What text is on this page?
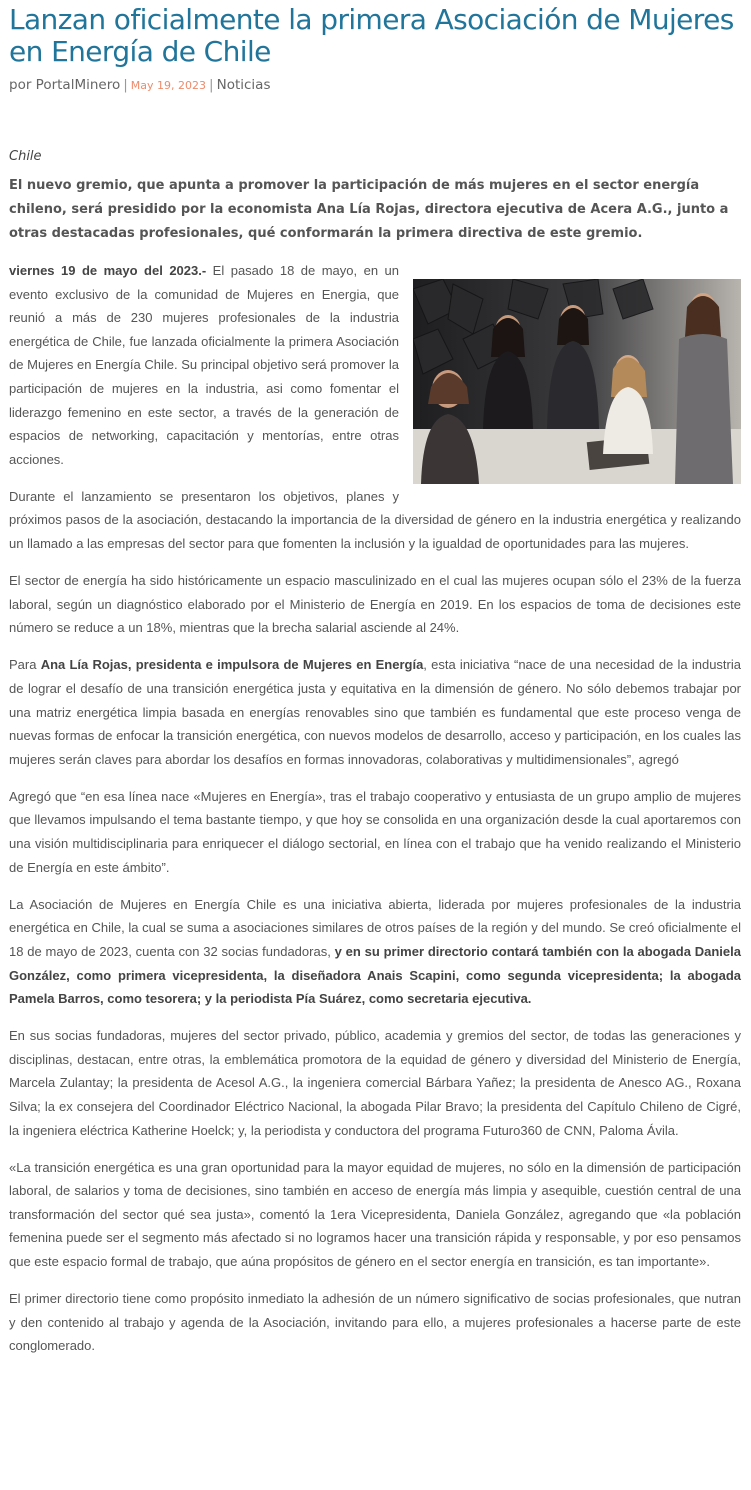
Lanzan oficialmente la primera Asociación de Mujeres en Energía de Chile
por PortalMinero | May 19, 2023 | Noticias
Chile

El nuevo gremio, que apunta a promover la participación de más mujeres en el sector energía chileno, será presidido por la economista Ana Lía Rojas, directora ejecutiva de Acera A.G., junto a otras destacadas profesionales, qué conformarán la primera directiva de este gremio.

viernes 19 de mayo del 2023.- El pasado 18 de mayo, en un evento exclusivo de la comunidad de Mujeres en Energia, que reunió a más de 230 mujeres profesionales de la industria energética de Chile, fue lanzada oficialmente la primera Asociación de Mujeres en Energía Chile. Su principal objetivo será promover la participación de mujeres en la industria, asi como fomentar el liderazgo femenino en este sector, a través de la generación de espacios de networking, capacitación y mentorías, entre otras acciones.

Durante el lanzamiento se presentaron los objetivos, planes y próximos pasos de la asociación, destacando la importancia de la diversidad de género en la industria energética y realizando un llamado a las empresas del sector para que fomenten la inclusión y la igualdad de oportunidades para las mujeres.

El sector de energía ha sido históricamente un espacio masculinizado en el cual las mujeres ocupan sólo el 23% de la fuerza laboral, según un diagnóstico elaborado por el Ministerio de Energía en 2019. En los espacios de toma de decisiones este número se reduce a un 18%, mientras que la brecha salarial asciende al 24%.

Para Ana Lía Rojas, presidenta e impulsora de Mujeres en Energía, esta iniciativa “nace de una necesidad de la industria de lograr el desafío de una transición energética justa y equitativa en la dimensión de género. No sólo debemos trabajar por una matriz energética limpia basada en energías renovables sino que también es fundamental que este proceso venga de nuevas formas de enfocar la transición energética, con nuevos modelos de desarrollo, acceso y participación, en los cuales las mujeres serán claves para abordar los desafíos en formas innovadoras, colaborativas y multidimensionales”, agregó

Agregó que “en esa línea nace «Mujeres en Energía», tras el trabajo cooperativo y entusiasta de un grupo amplio de mujeres que llevamos impulsando el tema bastante tiempo, y que hoy se consolida en una organización desde la cual aportaremos con una visión multidisciplinaria para enriquecer el diálogo sectorial, en línea con el trabajo que ha venido realizando el Ministerio de Energía en este ámbito”.

La Asociación de Mujeres en Energía Chile es una iniciativa abierta, liderada por mujeres profesionales de la industria energética en Chile, la cual se suma a asociaciones similares de otros países de la región y del mundo. Se creó oficialmente el 18 de mayo de 2023, cuenta con 32 socias fundadoras, y en su primer directorio contará también con la abogada Daniela González, como primera vicepresidenta, la diseñadora Anais Scapini, como segunda vicepresidenta; la abogada Pamela Barros, como tesorera; y la periodista Pía Suárez, como secretaria ejecutiva.

En sus socias fundadoras, mujeres del sector privado, público, academia y gremios del sector, de todas las generaciones y disciplinas, destacan, entre otras, la emblemática promotora de la equidad de género y diversidad del Ministerio de Energía, Marcela Zulantay; la presidenta de Acesol A.G., la ingeniera comercial Bárbara Yañez; la presidenta de Anesco AG., Roxana Silva; la ex consejera del Coordinador Eléctrico Nacional, la abogada Pilar Bravo; la presidenta del Capítulo Chileno de Cigré, la ingeniera eléctrica Katherine Hoelck; y, la periodista y conductora del programa Futuro360 de CNN, Paloma Ávila.

«La transición energética es una gran oportunidad para la mayor equidad de mujeres, no sólo en la dimensión de participación laboral, de salarios y toma de decisiones, sino también en acceso de energía más limpia y asequible, cuestión central de una transformación del sector qué sea justa», comentó la 1era Vicepresidenta, Daniela González, agregando que «la población femenina puede ser el segmento más afectado si no logramos hacer una transición rápida y responsable, y por eso pensamos que este espacio formal de trabajo, que aúna propósitos de género en el sector energía en transición, es tan importante».

El primer directorio tiene como propósito inmediato la adhesión de un número significativo de socias profesionales, que nutran y den contenido al trabajo y agenda de la Asociación, invitando para ello, a mujeres profesionales a hacerse parte de este conglomerado.
